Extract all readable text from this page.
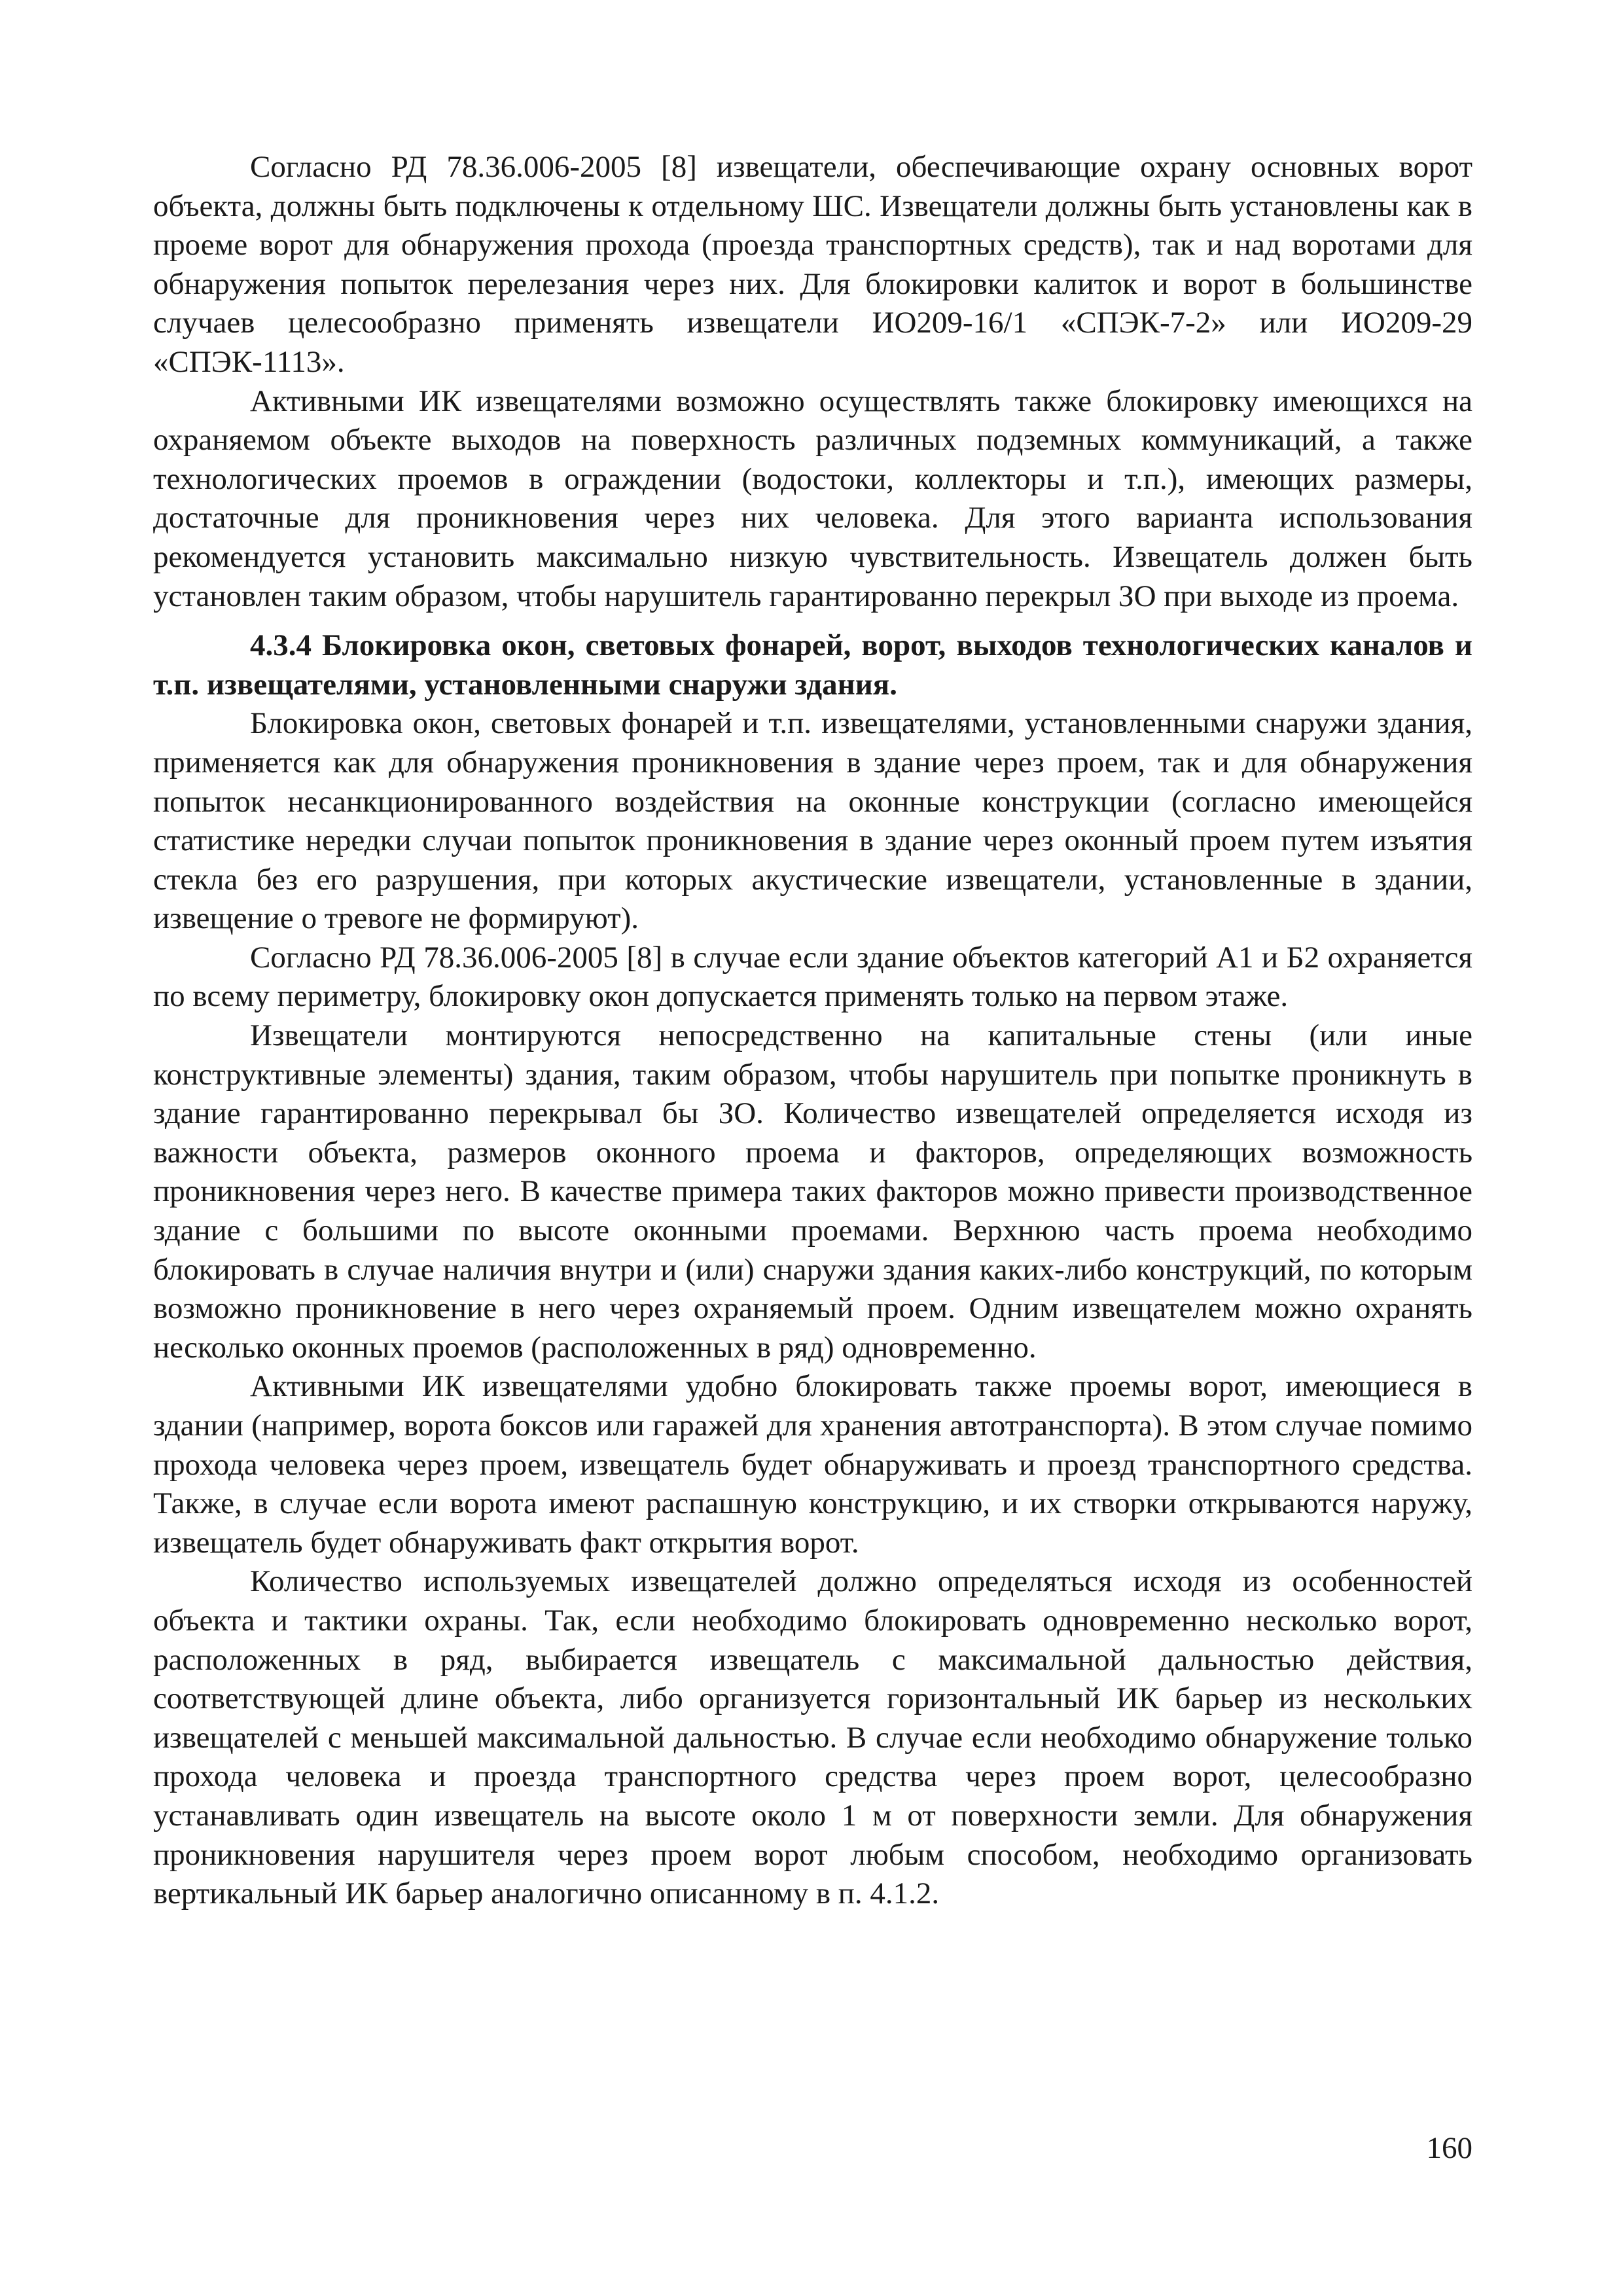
Согласно РД 78.36.006-2005 [8] извещатели, обеспечивающие охрану основных ворот объекта, должны быть подключены к отдельному ШС. Извещатели должны быть установлены как в проеме ворот для обнаружения прохода (проезда транспортных средств), так и над воротами для обнаружения попыток перелезания через них. Для блокировки калиток и ворот в большинстве случаев целесообразно применять извещатели ИО209-16/1 «СПЭК-7-2» или ИО209-29 «СПЭК-1113».

Активными ИК извещателями возможно осуществлять также блокировку имеющихся на охраняемом объекте выходов на поверхность различных подземных коммуникаций, а также технологических проемов в ограждении (водостоки, коллекторы и т.п.), имеющих размеры, достаточные для проникновения через них человека. Для этого варианта использования рекомендуется установить максимально низкую чувствительность. Извещатель должен быть установлен таким образом, чтобы нарушитель гарантированно перекрыл ЗО при выходе из проема.

4.3.4 Блокировка окон, световых фонарей, ворот, выходов технологических каналов и т.п. извещателями, установленными снаружи здания.

Блокировка окон, световых фонарей и т.п. извещателями, установленными снаружи здания, применяется как для обнаружения проникновения в здание через проем, так и для обнаружения попыток несанкционированного воздействия на оконные конструкции (согласно имеющейся статистике нередки случаи попыток проникновения в здание через оконный проем путем изъятия стекла без его разрушения, при которых акустические извещатели, установленные в здании, извещение о тревоге не формируют).

Согласно РД 78.36.006-2005 [8] в случае если здание объектов категорий А1 и Б2 охраняется по всему периметру, блокировку окон допускается применять только на первом этаже.

Извещатели монтируются непосредственно на капитальные стены (или иные конструктивные элементы) здания, таким образом, чтобы нарушитель при попытке проникнуть в здание гарантированно перекрывал бы ЗО. Количество извещателей определяется исходя из важности объекта, размеров оконного проема и факторов, определяющих возможность проникновения через него. В качестве примера таких факторов можно привести производственное здание с большими по высоте оконными проемами. Верхнюю часть проема необходимо блокировать в случае наличия внутри и (или) снаружи здания каких-либо конструкций, по которым возможно проникновение в него через охраняемый проем. Одним извещателем можно охранять несколько оконных проемов (расположенных в ряд) одновременно.

Активными ИК извещателями удобно блокировать также проемы ворот, имеющиеся в здании (например, ворота боксов или гаражей для хранения автотранспорта). В этом случае помимо прохода человека через проем, извещатель будет обнаруживать и проезд транспортного средства. Также, в случае если ворота имеют распашную конструкцию, и их створки открываются наружу, извещатель будет обнаруживать факт открытия ворот.

Количество используемых извещателей должно определяться исходя из особенностей объекта и тактики охраны. Так, если необходимо блокировать одновременно несколько ворот, расположенных в ряд, выбирается извещатель с максимальной дальностью действия, соответствующей длине объекта, либо организуется горизонтальный ИК барьер из нескольких извещателей с меньшей максимальной дальностью. В случае если необходимо обнаружение только прохода человека и проезда транспортного средства через проем ворот, целесообразно устанавливать один извещатель на высоте около 1 м от поверхности земли. Для обнаружения проникновения нарушителя через проем ворот любым способом, необходимо организовать вертикальный ИК барьер аналогично описанному в п. 4.1.2.

160
